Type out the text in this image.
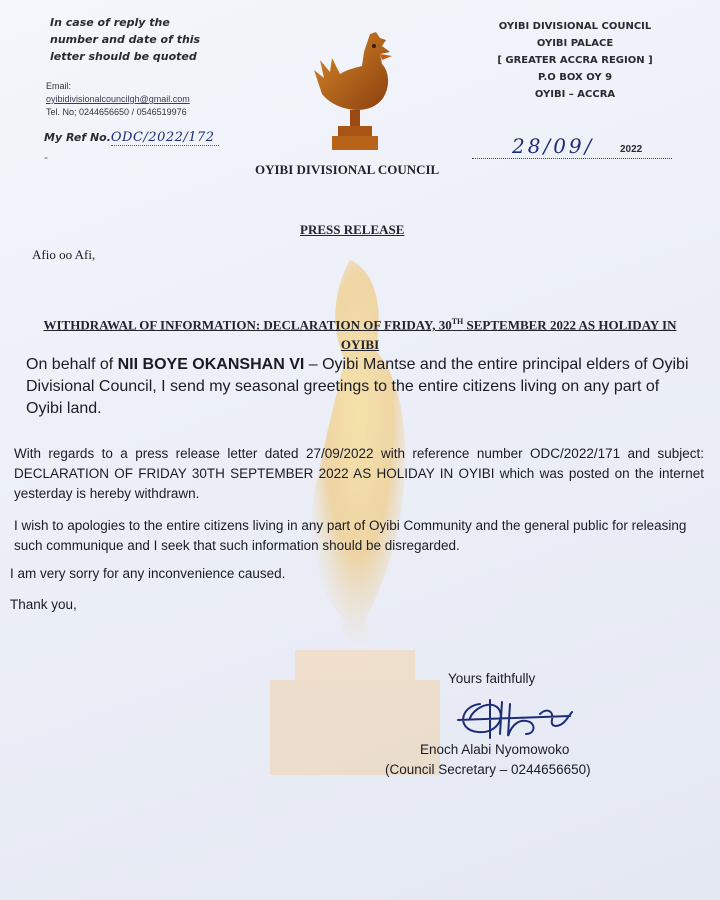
In case of reply the number and date of this letter should be quoted
Email:
oyibidivisionalcouncilgh@gmail.com
Tel. No; 0244656650 / 0546519976
My Ref No.ODC/2022/172
-
OYIBI DIVISIONAL COUNCIL
OYIBI PALACE
[ GREATER ACCRA REGION ]
P.O BOX OY 9
OYIBI – ACCRA
28/09/	2022
OYIBI DIVISIONAL COUNCIL
PRESS RELEASE
Afio oo Afi,
WITHDRAWAL OF INFORMATION: DECLARATION OF FRIDAY, 30TH SEPTEMBER 2022 AS HOLIDAY IN OYIBI
On behalf of NII BOYE OKANSHAN VI – Oyibi Mantse and the entire principal elders of Oyibi Divisional Council, I send my seasonal greetings to the entire citizens living on any part of Oyibi land.
With regards to a press release letter dated 27/09/2022 with reference number ODC/2022/171 and subject: DECLARATION OF FRIDAY 30TH SEPTEMBER 2022 AS HOLIDAY IN OYIBI which was posted on the internet yesterday is hereby withdrawn.
I wish to apologies to the entire citizens living in any part of Oyibi Community and the general public for releasing such communique and I seek that such information should be disregarded.
I am very sorry for any inconvenience caused.
Thank you,
Yours faithfully
Enoch Alabi Nyomowoko
(Council Secretary – 0244656650)
